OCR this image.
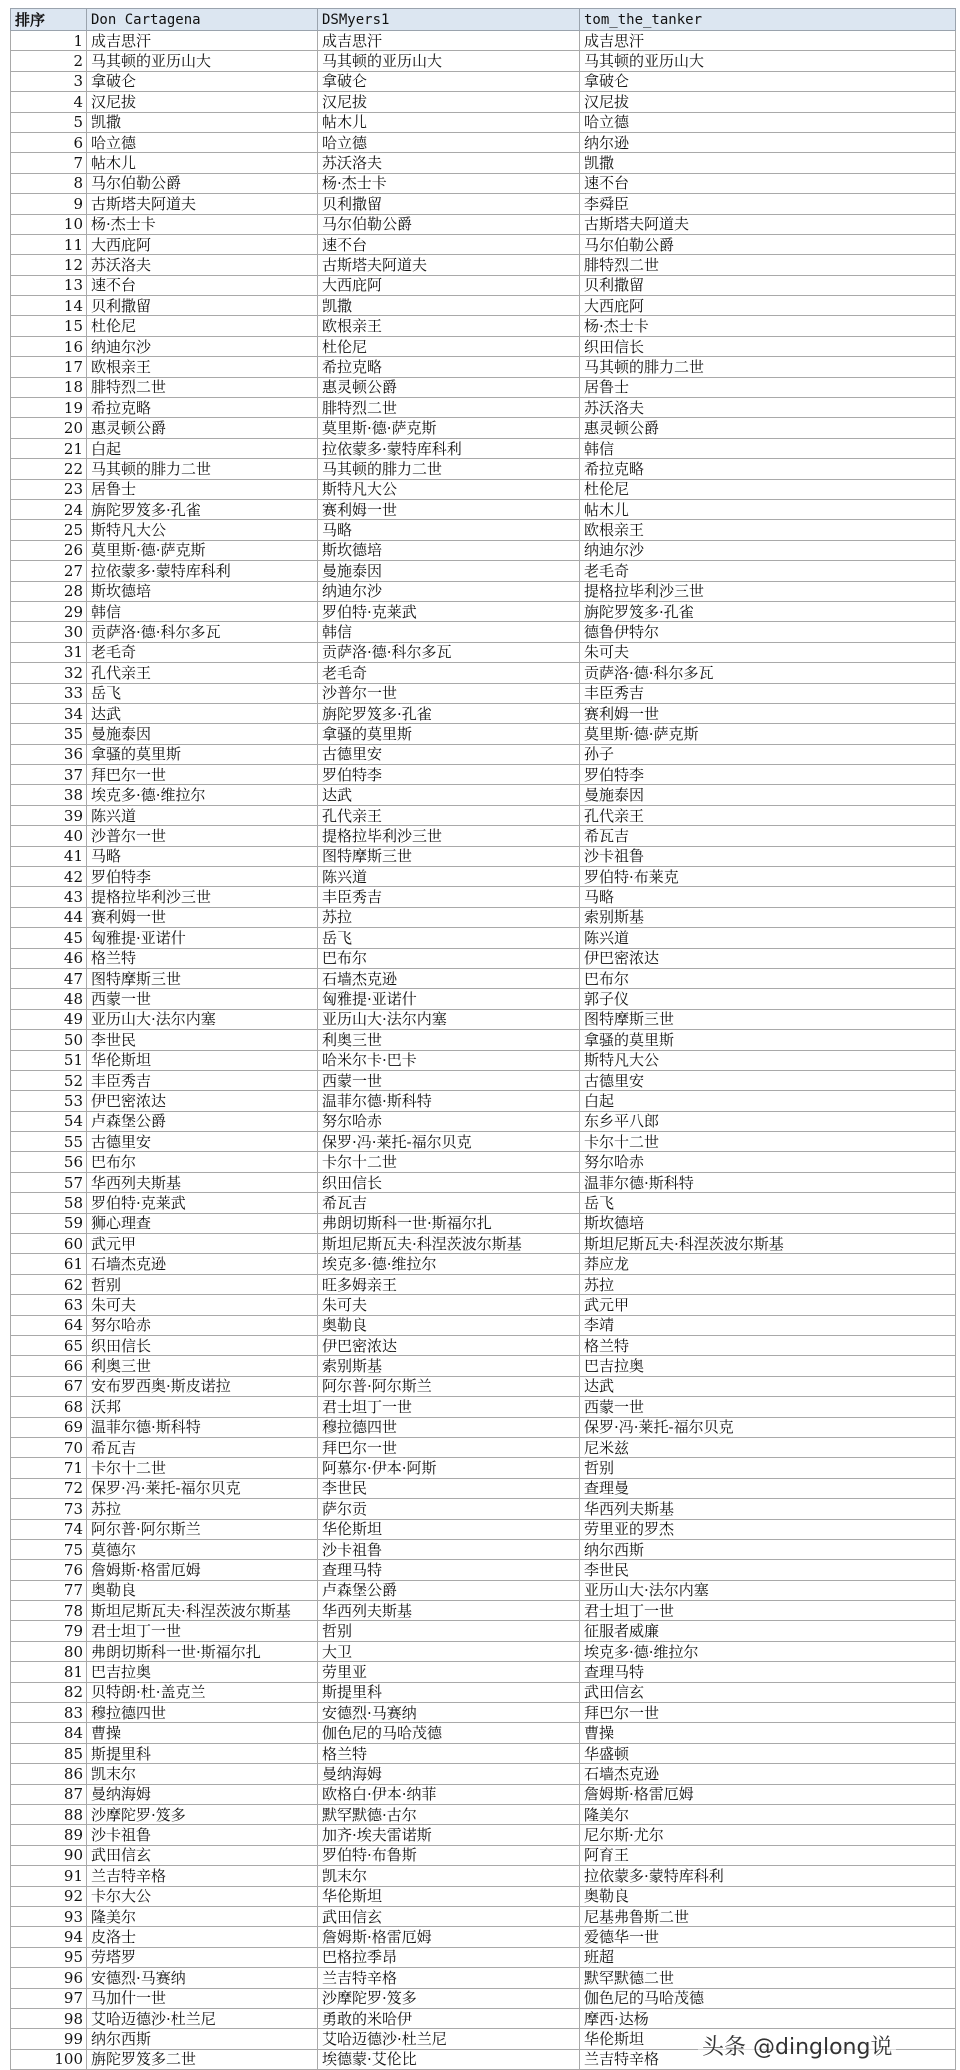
排序	Don Cartagena	DSMyers1	tom_the_tanker
1	成吉思汗	成吉思汗	成吉思汗
2	马其顿的亚历山大	马其顿的亚历山大	马其顿的亚历山大
3	拿破仑	拿破仑	拿破仑
4	汉尼拔	汉尼拔	汉尼拔
5	凯撒	帖木儿	哈立德
6	哈立德	哈立德	纳尔逊
7	帖木儿	苏沃洛夫	凯撒
8	马尔伯勒公爵	杨·杰士卡	速不台
9	古斯塔夫阿道夫	贝利撒留	李舜臣
10	杨·杰士卡	马尔伯勒公爵	古斯塔夫阿道夫
11	大西庇阿	速不台	马尔伯勒公爵
12	苏沃洛夫	古斯塔夫阿道夫	腓特烈二世
13	速不台	大西庇阿	贝利撒留
14	贝利撒留	凯撒	大西庇阿
15	杜伦尼	欧根亲王	杨·杰士卡
16	纳迪尔沙	杜伦尼	织田信长
17	欧根亲王	希拉克略	马其顿的腓力二世
18	腓特烈二世	惠灵顿公爵	居鲁士
19	希拉克略	腓特烈二世	苏沃洛夫
20	惠灵顿公爵	莫里斯·德·萨克斯	惠灵顿公爵
21	白起	拉依蒙多·蒙特库科利	韩信
22	马其顿的腓力二世	马其顿的腓力二世	希拉克略
23	居鲁士	斯特凡大公	杜伦尼
24	旃陀罗笈多·孔雀	赛利姆一世	帖木儿
25	斯特凡大公	马略	欧根亲王
26	莫里斯·德·萨克斯	斯坎德培	纳迪尔沙
27	拉依蒙多·蒙特库科利	曼施泰因	老毛奇
28	斯坎德培	纳迪尔沙	提格拉毕利沙三世
29	韩信	罗伯特·克莱武	旃陀罗笈多·孔雀
30	贡萨洛·德·科尔多瓦	韩信	德鲁伊特尔
31	老毛奇	贡萨洛·德·科尔多瓦	朱可夫
32	孔代亲王	老毛奇	贡萨洛·德·科尔多瓦
33	岳飞	沙普尔一世	丰臣秀吉
34	达武	旃陀罗笈多·孔雀	赛利姆一世
35	曼施泰因	拿骚的莫里斯	莫里斯·德·萨克斯
36	拿骚的莫里斯	古德里安	孙子
37	拜巴尔一世	罗伯特李	罗伯特李
38	埃克多·德·维拉尔	达武	曼施泰因
39	陈兴道	孔代亲王	孔代亲王
40	沙普尔一世	提格拉毕利沙三世	希瓦吉
41	马略	图特摩斯三世	沙卡祖鲁
42	罗伯特李	陈兴道	罗伯特·布莱克
43	提格拉毕利沙三世	丰臣秀吉	马略
44	赛利姆一世	苏拉	索别斯基
45	匈雅提·亚诺什	岳飞	陈兴道
46	格兰特	巴布尔	伊巴密浓达
47	图特摩斯三世	石墙杰克逊	巴布尔
48	西蒙一世	匈雅提·亚诺什	郭子仪
49	亚历山大·法尔内塞	亚历山大·法尔内塞	图特摩斯三世
50	李世民	利奥三世	拿骚的莫里斯
51	华伦斯坦	哈米尔卡·巴卡	斯特凡大公
52	丰臣秀吉	西蒙一世	古德里安
53	伊巴密浓达	温菲尔德·斯科特	白起
54	卢森堡公爵	努尔哈赤	东乡平八郎
55	古德里安	保罗·冯·莱托-福尔贝克	卡尔十二世
56	巴布尔	卡尔十二世	努尔哈赤
57	华西列夫斯基	织田信长	温菲尔德·斯科特
58	罗伯特·克莱武	希瓦吉	岳飞
59	狮心理查	弗朗切斯科一世·斯福尔扎	斯坎德培
60	武元甲	斯坦尼斯瓦夫·科涅茨波尔斯基	斯坦尼斯瓦夫·科涅茨波尔斯基
61	石墙杰克逊	埃克多·德·维拉尔	莽应龙
62	哲别	旺多姆亲王	苏拉
63	朱可夫	朱可夫	武元甲
64	努尔哈赤	奥勒良	李靖
65	织田信长	伊巴密浓达	格兰特
66	利奥三世	索别斯基	巴吉拉奥
67	安布罗西奥·斯皮诺拉	阿尔普·阿尔斯兰	达武
68	沃邦	君士坦丁一世	西蒙一世
69	温菲尔德·斯科特	穆拉德四世	保罗·冯·莱托-福尔贝克
70	希瓦吉	拜巴尔一世	尼米兹
71	卡尔十二世	阿慕尔·伊本·阿斯	哲别
72	保罗·冯·莱托-福尔贝克	李世民	查理曼
73	苏拉	萨尔贡	华西列夫斯基
74	阿尔普·阿尔斯兰	华伦斯坦	劳里亚的罗杰
75	莫德尔	沙卡祖鲁	纳尔西斯
76	詹姆斯·格雷厄姆	查理马特	李世民
77	奥勒良	卢森堡公爵	亚历山大·法尔内塞
78	斯坦尼斯瓦夫·科涅茨波尔斯基	华西列夫斯基	君士坦丁一世
79	君士坦丁一世	哲别	征服者威廉
80	弗朗切斯科一世·斯福尔扎	大卫	埃克多·德·维拉尔
81	巴吉拉奥	劳里亚	查理马特
82	贝特朗·杜·盖克兰	斯提里科	武田信玄
83	穆拉德四世	安德烈·马赛纳	拜巴尔一世
84	曹操	伽色尼的马哈茂德	曹操
85	斯提里科	格兰特	华盛顿
86	凯末尔	曼纳海姆	石墙杰克逊
87	曼纳海姆	欧格白·伊本·纳菲	詹姆斯·格雷厄姆
88	沙摩陀罗·笈多	默罕默德·古尔	隆美尔
89	沙卡祖鲁	加齐·埃夫雷诺斯	尼尔斯·尤尔
90	武田信玄	罗伯特·布鲁斯	阿育王
91	兰吉特辛格	凯末尔	拉依蒙多·蒙特库科利
92	卡尔大公	华伦斯坦	奥勒良
93	隆美尔	武田信玄	尼基弗鲁斯二世
94	皮洛士	詹姆斯·格雷厄姆	爱德华一世
95	劳塔罗	巴格拉季昂	班超
96	安德烈·马赛纳	兰吉特辛格	默罕默德二世
97	马加什一世	沙摩陀罗·笈多	伽色尼的马哈茂德
98	艾哈迈德沙·杜兰尼	勇敢的米哈伊	摩西·达杨
99	纳尔西斯	艾哈迈德沙·杜兰尼	华伦斯坦
100	旃陀罗笈多二世	埃德蒙·艾伦比	兰吉特辛格 头条 @dinglong说
